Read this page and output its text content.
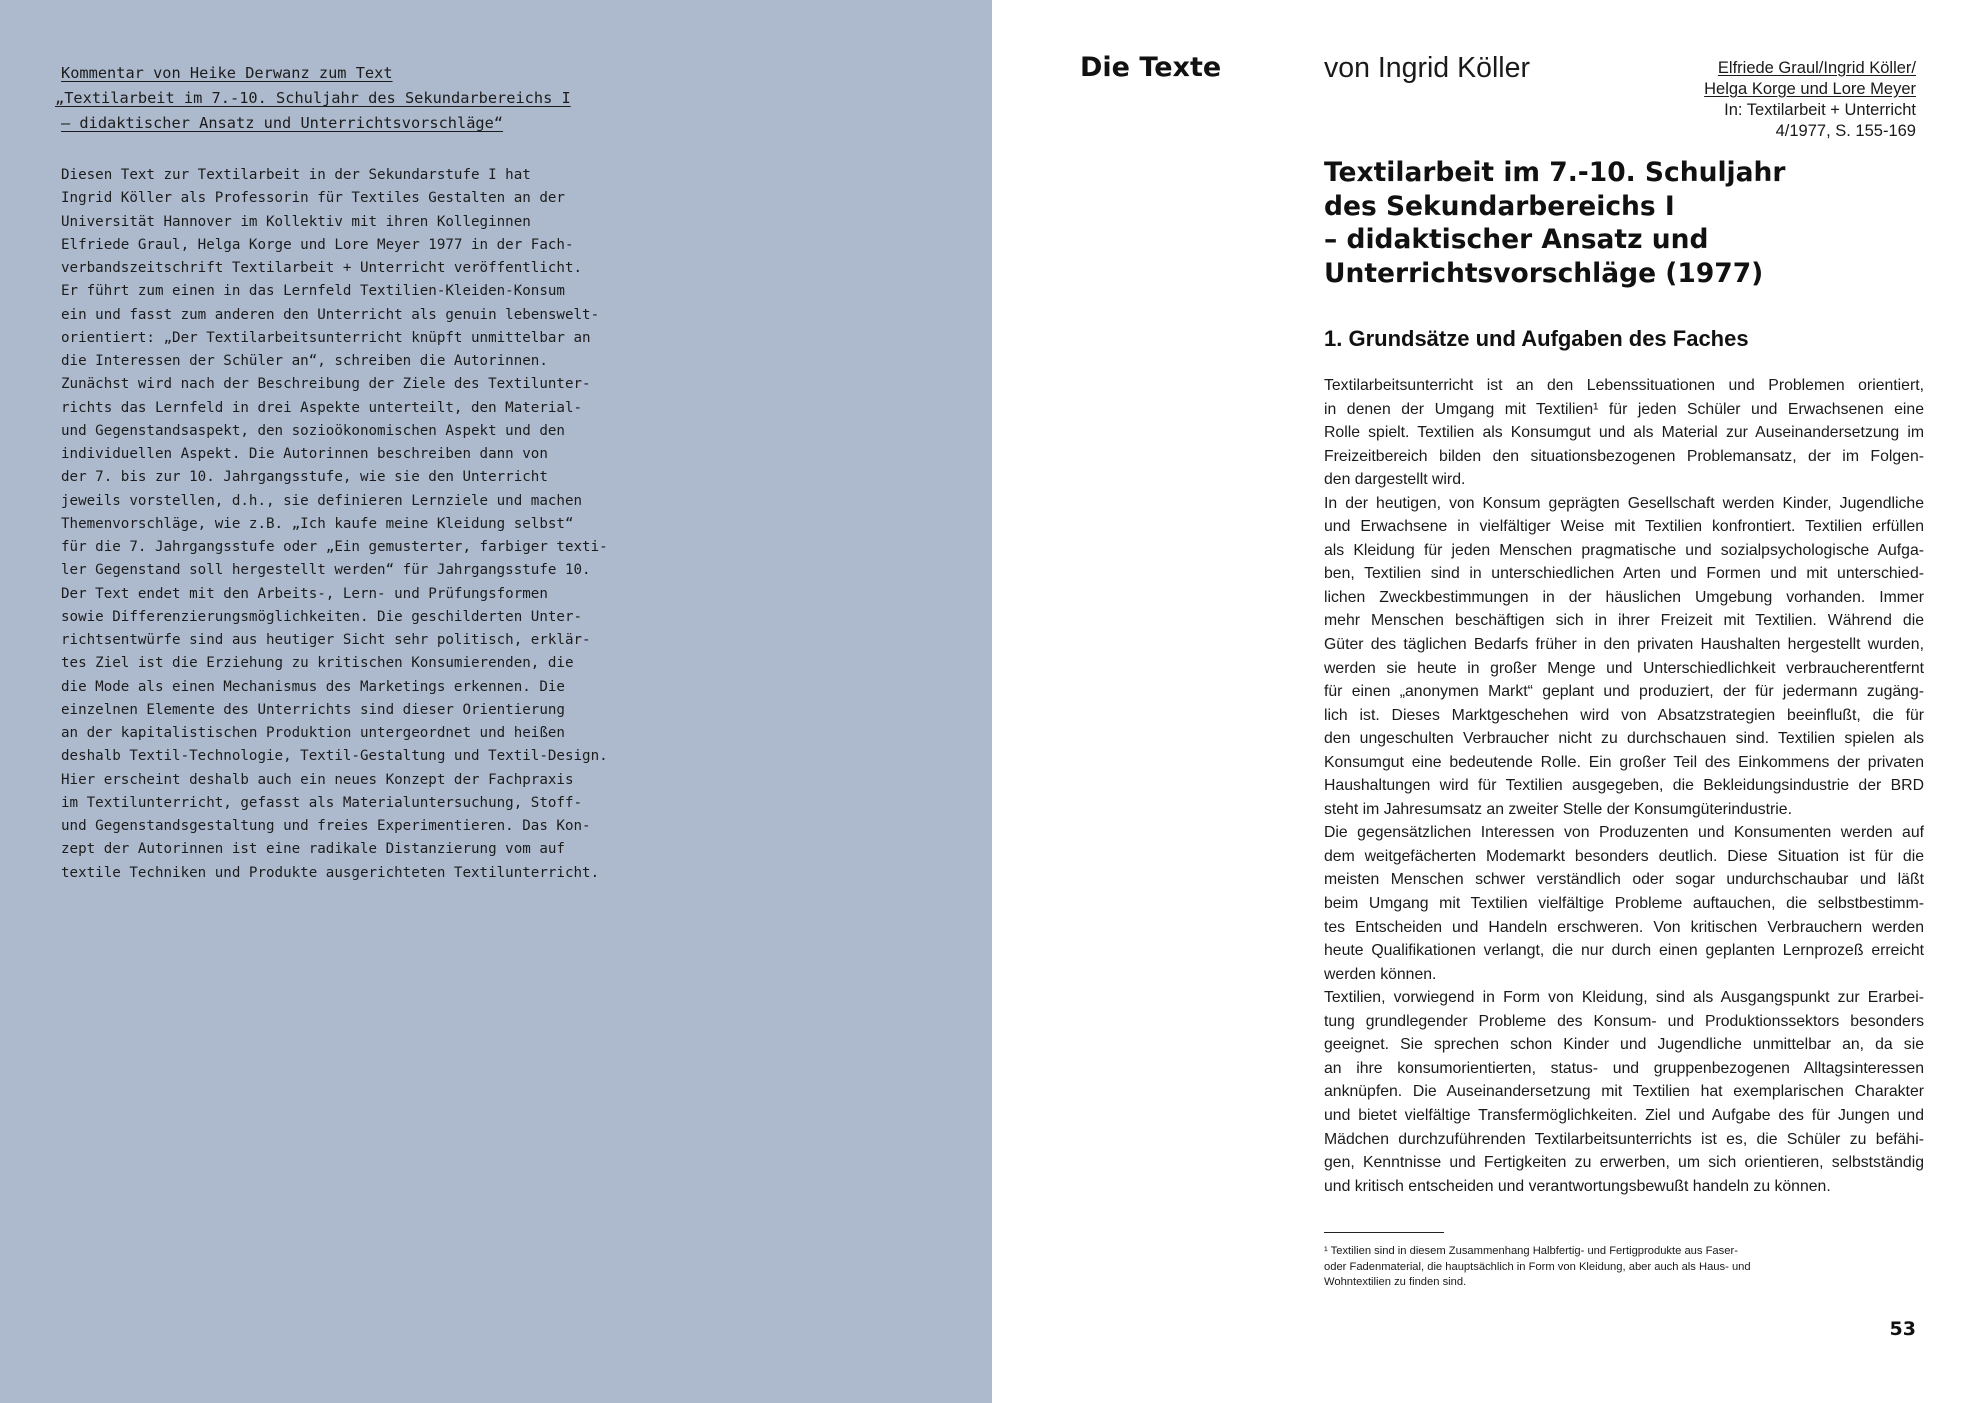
Kommentar von Heike Derwanz zum Text
„Textilarbeit im 7.-10. Schuljahr des Sekundarbereichs I
– didaktischer Ansatz und Unterrichtsvorschläge“
Diesen Text zur Textilarbeit in der Sekundarstufe I hat
Ingrid Köller als Professorin für Textiles Gestalten an der
Universität Hannover im Kollektiv mit ihren Kolleginnen
Elfriede Graul, Helga Korge und Lore Meyer 1977 in der Fach-
verbandszeitschrift Textilarbeit + Unterricht veröffentlicht.
Er führt zum einen in das Lernfeld Textilien-Kleiden-Konsum
ein und fasst zum anderen den Unterricht als genuin lebenswelt-
orientiert: „Der Textilarbeitsunterricht knüpft unmittelbar an
die Interessen der Schüler an“, schreiben die Autorinnen.
Zunächst wird nach der Beschreibung der Ziele des Textilunter-
richts das Lernfeld in drei Aspekte unterteilt, den Material-
und Gegenstandsaspekt, den sozioökonomischen Aspekt und den
individuellen Aspekt. Die Autorinnen beschreiben dann von
der 7. bis zur 10. Jahrgangsstufe, wie sie den Unterricht
jeweils vorstellen, d.h., sie definieren Lernziele und machen
Themenvorschläge, wie z.B. „Ich kaufe meine Kleidung selbst“
für die 7. Jahrgangsstufe oder „Ein gemusterter, farbiger texti-
ler Gegenstand soll hergestellt werden“ für Jahrgangsstufe 10.
Der Text endet mit den Arbeits-, Lern- und Prüfungsformen
sowie Differenzierungsmöglichkeiten. Die geschilderten Unter-
richtsentwürfe sind aus heutiger Sicht sehr politisch, erklär-
tes Ziel ist die Erziehung zu kritischen Konsumierenden, die
die Mode als einen Mechanismus des Marketings erkennen. Die
einzelnen Elemente des Unterrichts sind dieser Orientierung
an der kapitalistischen Produktion untergeordnet und heißen
deshalb Textil-Technologie, Textil-Gestaltung und Textil-Design.
Hier erscheint deshalb auch ein neues Konzept der Fachpraxis
im Textilunterricht, gefasst als Materialuntersuchung, Stoff-
und Gegenstandsgestaltung und freies Experimentieren. Das Kon-
zept der Autorinnen ist eine radikale Distanzierung vom auf
textile Techniken und Produkte ausgerichteten Textilunterricht.
Die Texte	von Ingrid Köller	Elfriede Graul/Ingrid Köller/
Helga Korge und Lore Meyer
In: Textilarbeit + Unterricht
4/1977, S. 155-169
Textilarbeit im 7.-10. Schuljahr
des Sekundarbereichs I
– didaktischer Ansatz und
Unterrichtsvorschläge (1977)
1. Grundsätze und Aufgaben des Faches
Textilarbeitsunterricht ist an den Lebenssituationen und Problemen orientiert,
in denen der Umgang mit Textilien¹ für jeden Schüler und Erwachsenen eine
Rolle spielt. Textilien als Konsumgut und als Material zur Auseinandersetzung im
Freizeitbereich bilden den situationsbezogenen Problemansatz, der im Folgen-
den dargestellt wird.
In der heutigen, von Konsum geprägten Gesellschaft werden Kinder, Jugendliche
und Erwachsene in vielfältiger Weise mit Textilien konfrontiert. Textilien erfüllen
als Kleidung für jeden Menschen pragmatische und sozialpsychologische Aufga-
ben, Textilien sind in unterschiedlichen Arten und Formen und mit unterschied-
lichen Zweckbestimmungen in der häuslichen Umgebung vorhanden. Immer
mehr Menschen beschäftigen sich in ihrer Freizeit mit Textilien. Während die
Güter des täglichen Bedarfs früher in den privaten Haushalten hergestellt wurden,
werden sie heute in großer Menge und Unterschiedlichkeit verbraucherentfernt
für einen „anonymen Markt“ geplant und produziert, der für jedermann zugäng-
lich ist. Dieses Marktgeschehen wird von Absatzstrategien beeinflußt, die für
den ungeschulten Verbraucher nicht zu durchschauen sind. Textilien spielen als
Konsumgut eine bedeutende Rolle. Ein großer Teil des Einkommens der privaten
Haushaltungen wird für Textilien ausgegeben, die Bekleidungsindustrie der BRD
steht im Jahresumsatz an zweiter Stelle der Konsumgüterindustrie.
Die gegensätzlichen Interessen von Produzenten und Konsumenten werden auf
dem weitgefächerten Modemarkt besonders deutlich. Diese Situation ist für die
meisten Menschen schwer verständlich oder sogar undurchschaubar und läßt
beim Umgang mit Textilien vielfältige Probleme auftauchen, die selbstbestimm-
tes Entscheiden und Handeln erschweren. Von kritischen Verbrauchern werden
heute Qualifikationen verlangt, die nur durch einen geplanten Lernprozeß erreicht
werden können.
Textilien, vorwiegend in Form von Kleidung, sind als Ausgangspunkt zur Erarbei-
tung grundlegender Probleme des Konsum- und Produktionssektors besonders
geeignet. Sie sprechen schon Kinder und Jugendliche unmittelbar an, da sie
an ihre konsumorientierten, status- und gruppenbezogenen Alltagsinteressen
anknüpfen. Die Auseinandersetzung mit Textilien hat exemplarischen Charakter
und bietet vielfältige Transfermöglichkeiten. Ziel und Aufgabe des für Jungen und
Mädchen durchzuführenden Textilarbeitsunterrichts ist es, die Schüler zu befähi-
gen, Kenntnisse und Fertigkeiten zu erwerben, um sich orientieren, selbstständig
und kritisch entscheiden und verantwortungsbewußt handeln zu können.
¹ Textilien sind in diesem Zusammenhang Halbfertig- und Fertigprodukte aus Faser-
oder Fadenmaterial, die hauptsächlich in Form von Kleidung, aber auch als Haus- und
Wohntextilien zu finden sind.
53
